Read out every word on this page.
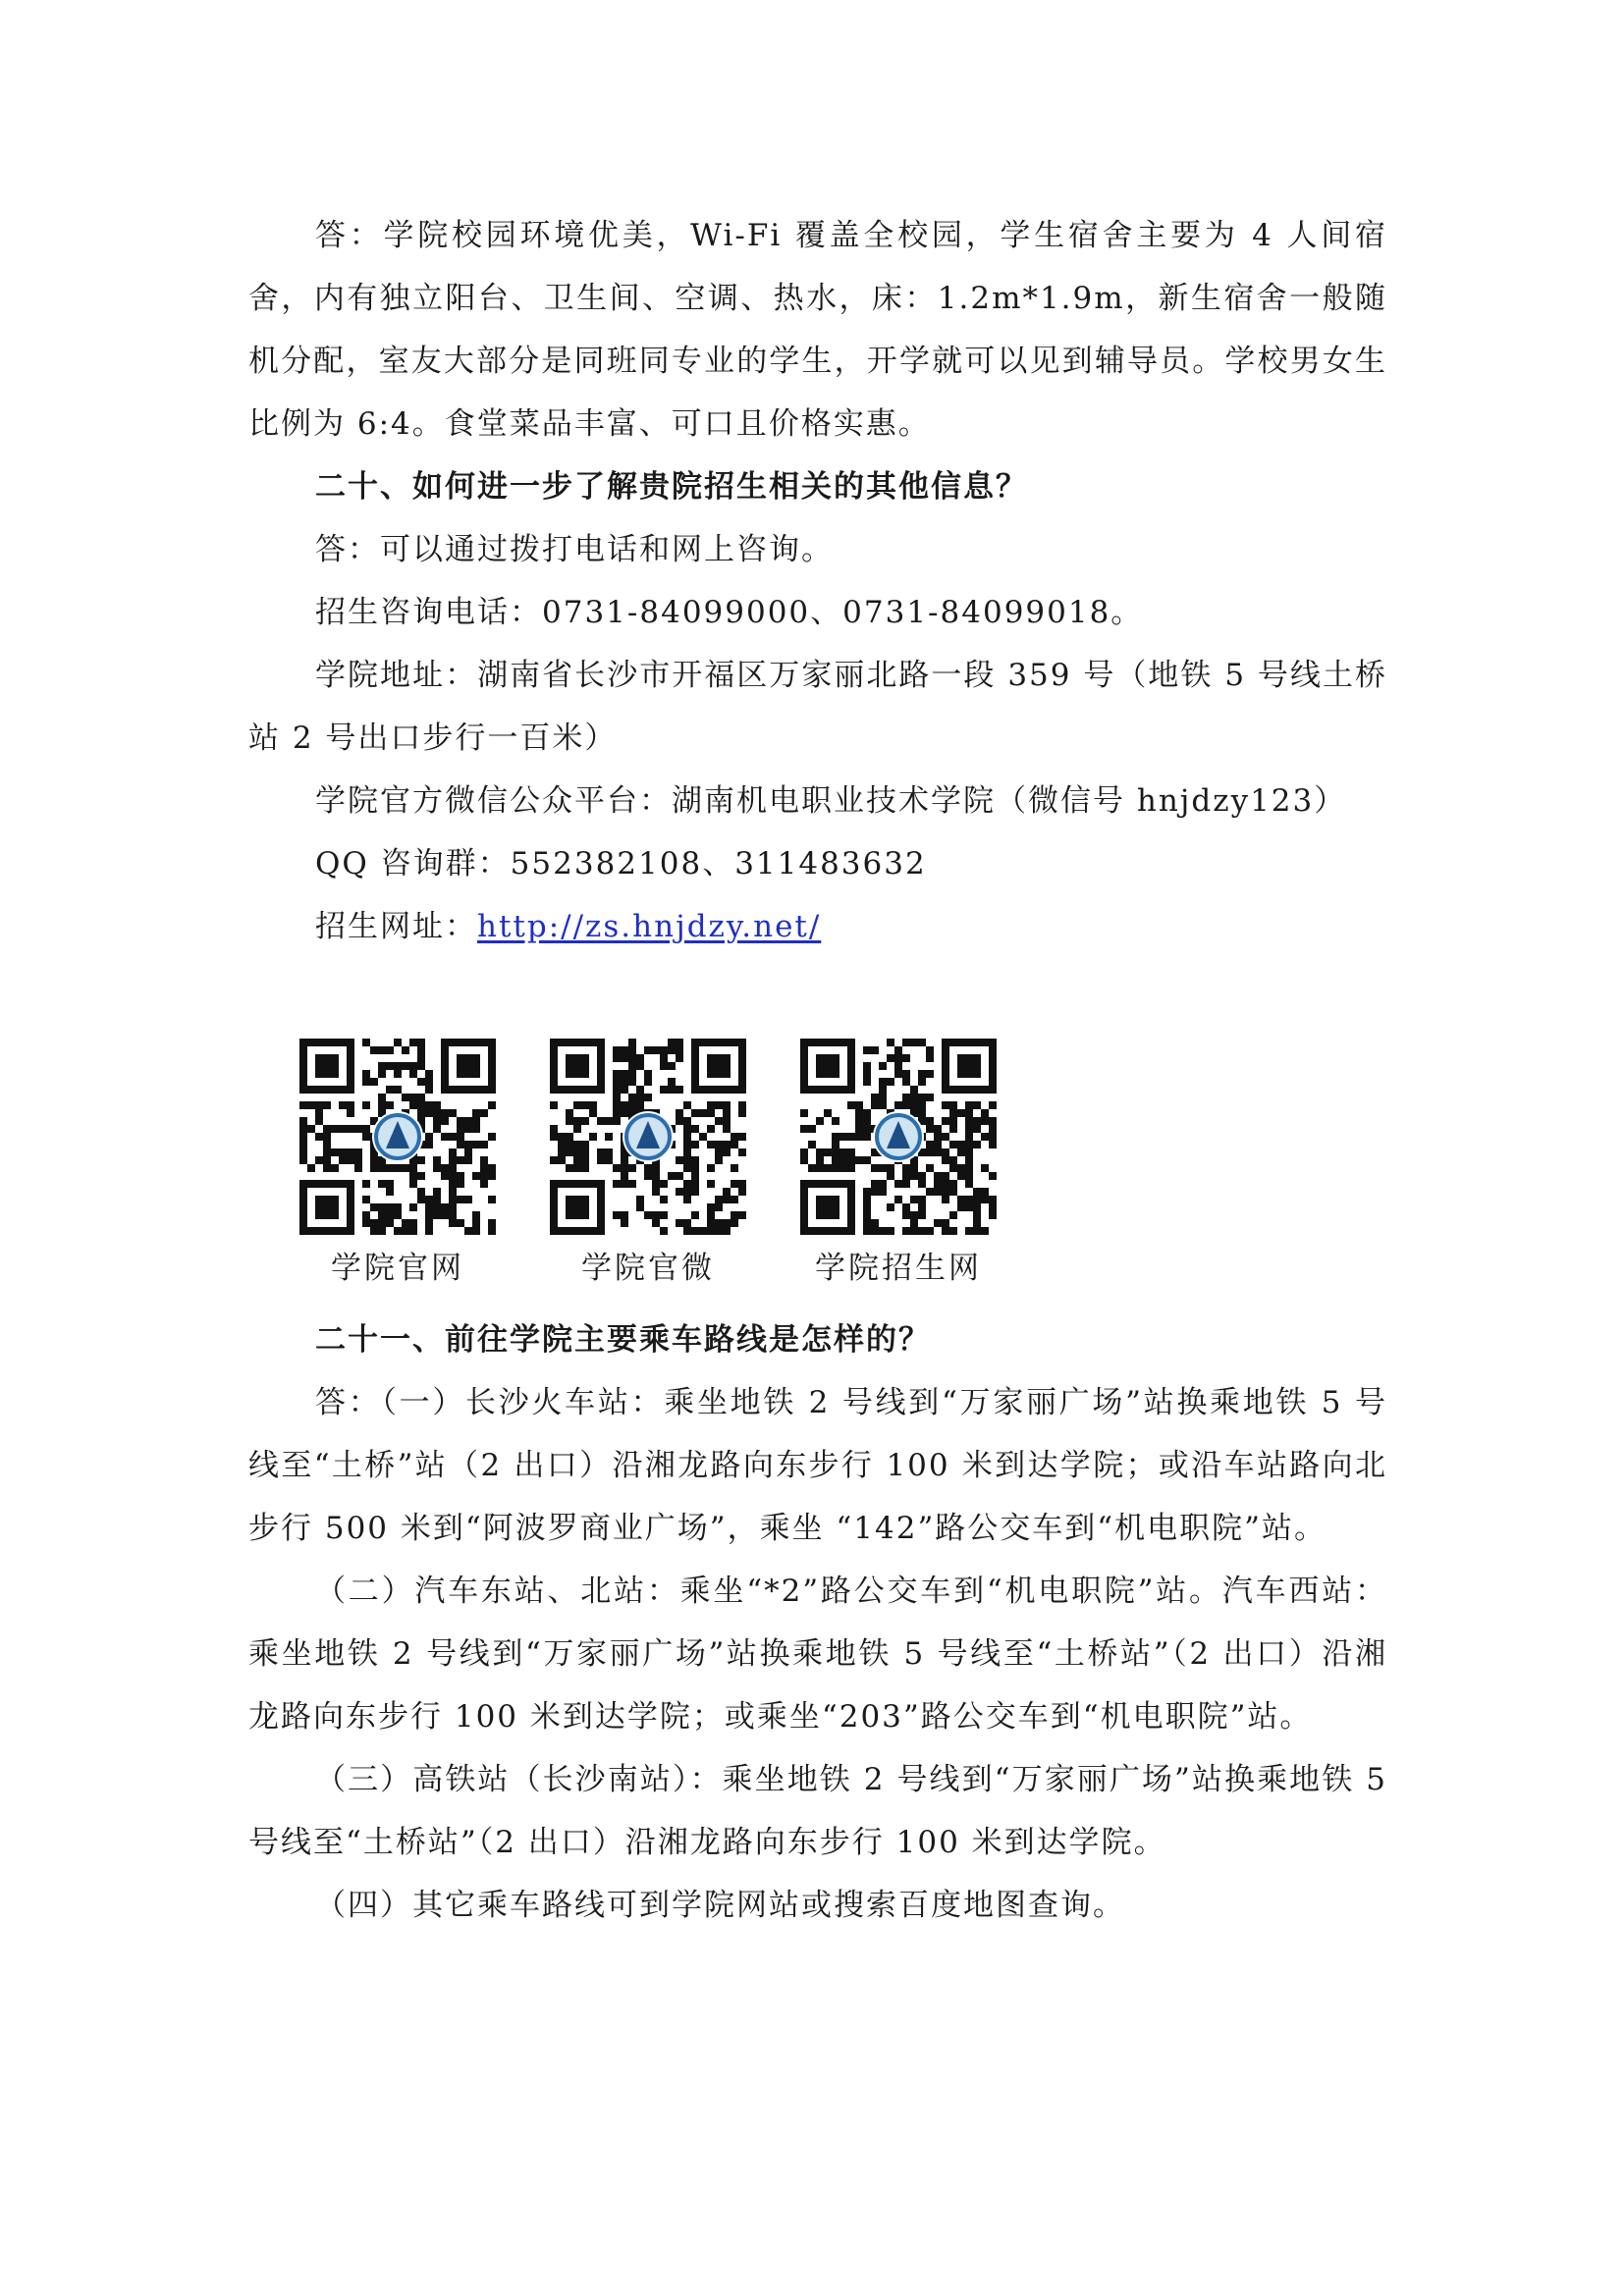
答：学院校园环境优美，Wi-Fi 覆盖全校园，学生宿舍主要为 4 人间宿舍，内有独立阳台、卫生间、空调、热水，床：1.2m*1.9m，新生宿舍一般随机分配，室友大部分是同班同专业的学生，开学就可以见到辅导员。学校男女生比例为 6:4。食堂菜品丰富、可口且价格实惠。

二十、如何进一步了解贵院招生相关的其他信息？

答：可以通过拨打电话和网上咨询。

招生咨询电话：0731-84099000、0731-84099018。

学院地址：湖南省长沙市开福区万家丽北路一段 359 号（地铁 5 号线土桥站 2 号出口步行一百米）

学院官方微信公众平台：湖南机电职业技术学院（微信号 hnjdzy123）

QQ 咨询群：552382108、311483632

招生网址：http://zs.hnjdzy.net/

学院官网	学院官微	学院招生网

二十一、前往学院主要乘车路线是怎样的？

答：（一）长沙火车站：乘坐地铁 2 号线到“万家丽广场”站换乘地铁 5 号线至“土桥”站（2 出口）沿湘龙路向东步行 100 米到达学院；或沿车站路向北步行 500 米到“阿波罗商业广场”，乘坐 “142”路公交车到“机电职院”站。

（二）汽车东站、北站：乘坐“*2”路公交车到“机电职院”站。汽车西站：乘坐地铁 2 号线到“万家丽广场”站换乘地铁 5 号线至“土桥站”（2 出口）沿湘龙路向东步行 100 米到达学院；或乘坐“203”路公交车到“机电职院”站。

（三）高铁站（长沙南站）：乘坐地铁 2 号线到“万家丽广场”站换乘地铁 5 号线至“土桥站”（2 出口）沿湘龙路向东步行 100 米到达学院。

（四）其它乘车路线可到学院网站或搜索百度地图查询。
